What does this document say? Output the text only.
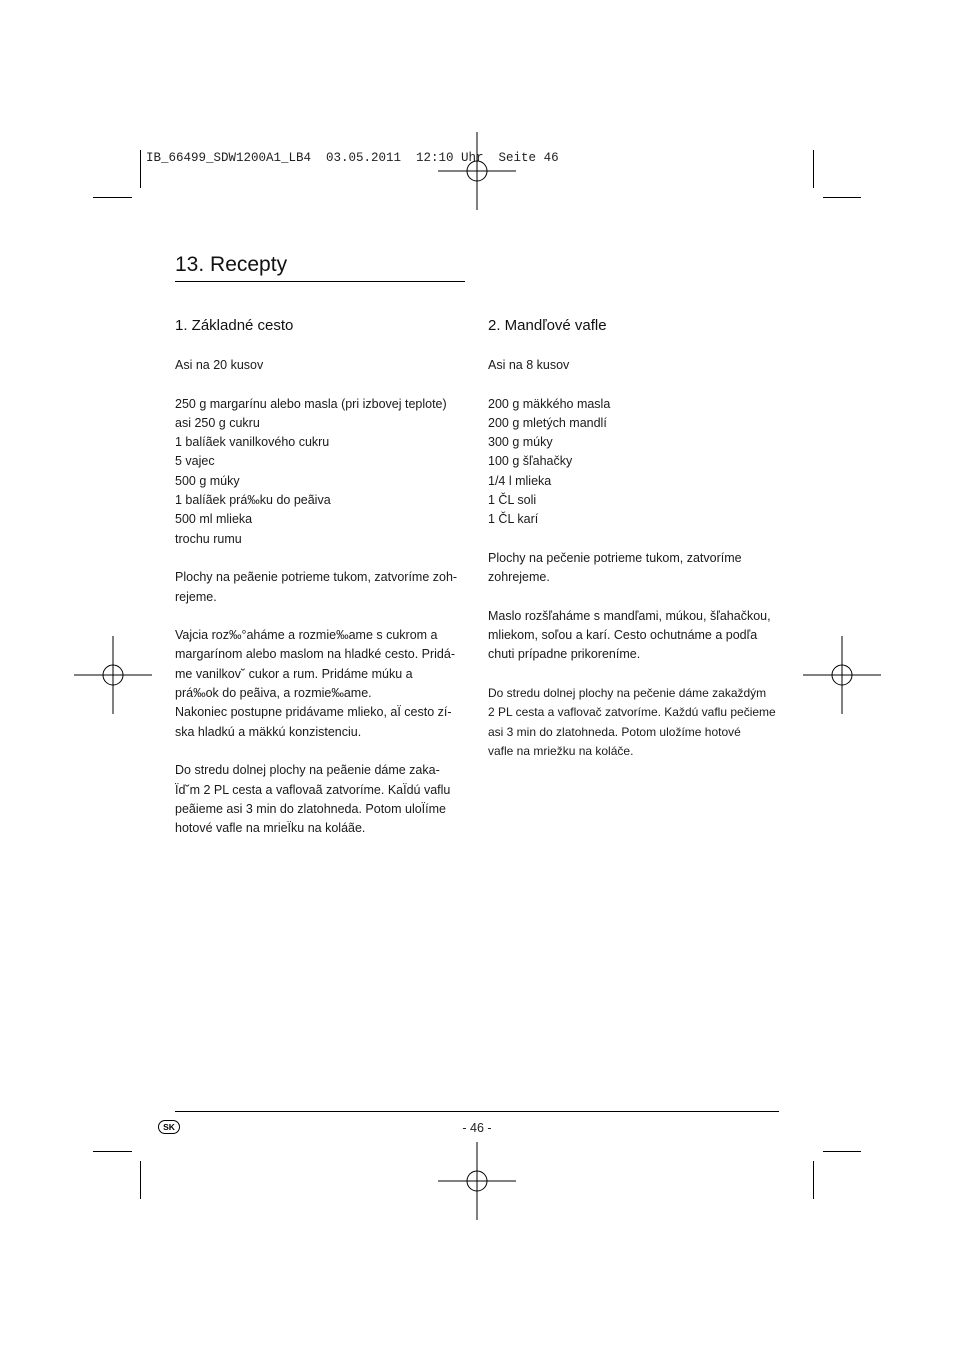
IB_66499_SDW1200A1_LB4  03.05.2011  12:10 Uhr  Seite 46
13. Recepty
1. Základné cesto

Asi na 20 kusov

250 g margarínu alebo masla (pri izbovej teplote)
asi 250 g cukru
1 balíãek vanilkového cukru
5 vajec
500 g múky
1 balíãek prá‰ku do peãiva
500 ml mlieka
trochu rumu

Plochy na peãenie potrieme tukom, zatvoríme zoh-
rejeme.

Vajcia roz‰°aháme a rozmie‰ame s cukrom a
margarínom alebo maslom na hladké cesto. Pridá-
me vanilkov˘ cukor a rum. Pridáme múku a
prá‰ok do peãiva, a rozmie‰ame.
Nakoniec postupne pridávame mlieko, aÏ cesto zí-
ska hladkú a mäkkú konzistenciu.

Do stredu dolnej plochy na peãenie dáme zaka-
Ïd˘m 2 PL cesta a vaflovaã zatvoríme. KaÏdú vaflu
peãieme asi 3 min do zlatohneda. Potom uloÏíme
hotové vafle na mrieÏku na koláãe.

2. Mandľové vafle

Asi na 8 kusov

200 g mäkkého masla
200 g mletých mandlí
300 g múky
100 g šľahačky
1/4 l mlieka
1 ČL soli
1 ČL karí

Plochy na pečenie potrieme tukom, zatvoríme
zohrejeme.

Maslo rozšľaháme s mandľami, múkou, šľahačkou,
mliekom, soľou a karí. Cesto ochutnáme a podľa
chuti prípadne prikoreníme.

Do stredu dolnej plochy na pečenie dáme zakaždým
2 PL cesta a vaflovač zatvoríme. Každú vaflu pečieme
asi 3 min do zlatohneda. Potom uložíme hotové
vafle na mriežku na koláče.

SK	- 46 -
